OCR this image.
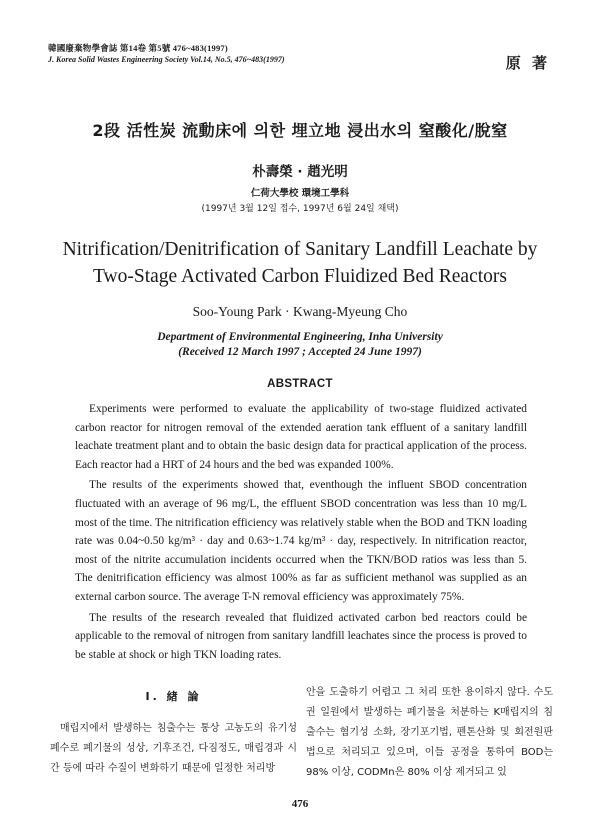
韓國廢棄物學會誌 第14卷 第5號 476~483(1997)
J. Korea Solid Wastes Engineering Society Vol.14, No.5, 476~483(1997)	原 著
2段 活性炭 流動床에 의한 埋立地 浸出水의 窒酸化/脫窒
朴壽榮 · 趙光明
仁荷大學校 環境工學科
(1997년 3월 12일 접수, 1997년 6월 24일 채택)
Nitrification/Denitrification of Sanitary Landfill Leachate by
Two-Stage Activated Carbon Fluidized Bed Reactors
Soo-Young Park · Kwang-Myeung Cho
Department of Environmental Engineering, Inha University
(Received 12 March 1997 ; Accepted 24 June 1997)
ABSTRACT

Experiments were performed to evaluate the applicability of two-stage fluidized activated carbon reactor for nitrogen removal of the extended aeration tank effluent of a sanitary landfill leachate treatment plant and to obtain the basic design data for practical application of the process. Each reactor had a HRT of 24 hours and the bed was expanded 100%.

The results of the experiments showed that, eventhough the influent SBOD concentration fluctuated with an average of 96 mg/L, the effluent SBOD concentration was less than 10 mg/L most of the time. The nitrification efficiency was relatively stable when the BOD and TKN loading rate was 0.04~0.50 kg/m³ · day and 0.63~1.74 kg/m³ · day, respectively. In nitrification reactor, most of the nitrite accumulation incidents occurred when the TKN/BOD ratios was less than 5. The denitrification efficiency was almost 100% as far as sufficient methanol was supplied as an external carbon source. The average T-N removal efficiency was approximately 75%.

The results of the research revealed that fluidized activated carbon bed reactors could be applicable to the removal of nitrogen from sanitary landfill leachates since the process is proved to be stable at shock or high TKN loading rates.

I. 緖 論

매립지에서 발생하는 침출수는 통상 고농도의 유기성 폐수로 폐기물의 성상, 기후조건, 다짐정도, 매립경과 시간 등에 따라 수질이 변화하기 때문에 일정한 처리방

안을 도출하기 어렵고 그 처리 또한 용이하지 않다. 수도권 일원에서 발생하는 폐기물을 처분하는 K매립지의 침출수는 혐기성 소화, 장기포기법, 펜톤산화 및 회전원판법으로 처리되고 있으며, 이들 공정을 통하여 BOD는 98% 이상, CODMn은 80% 이상 제거되고 있

476
